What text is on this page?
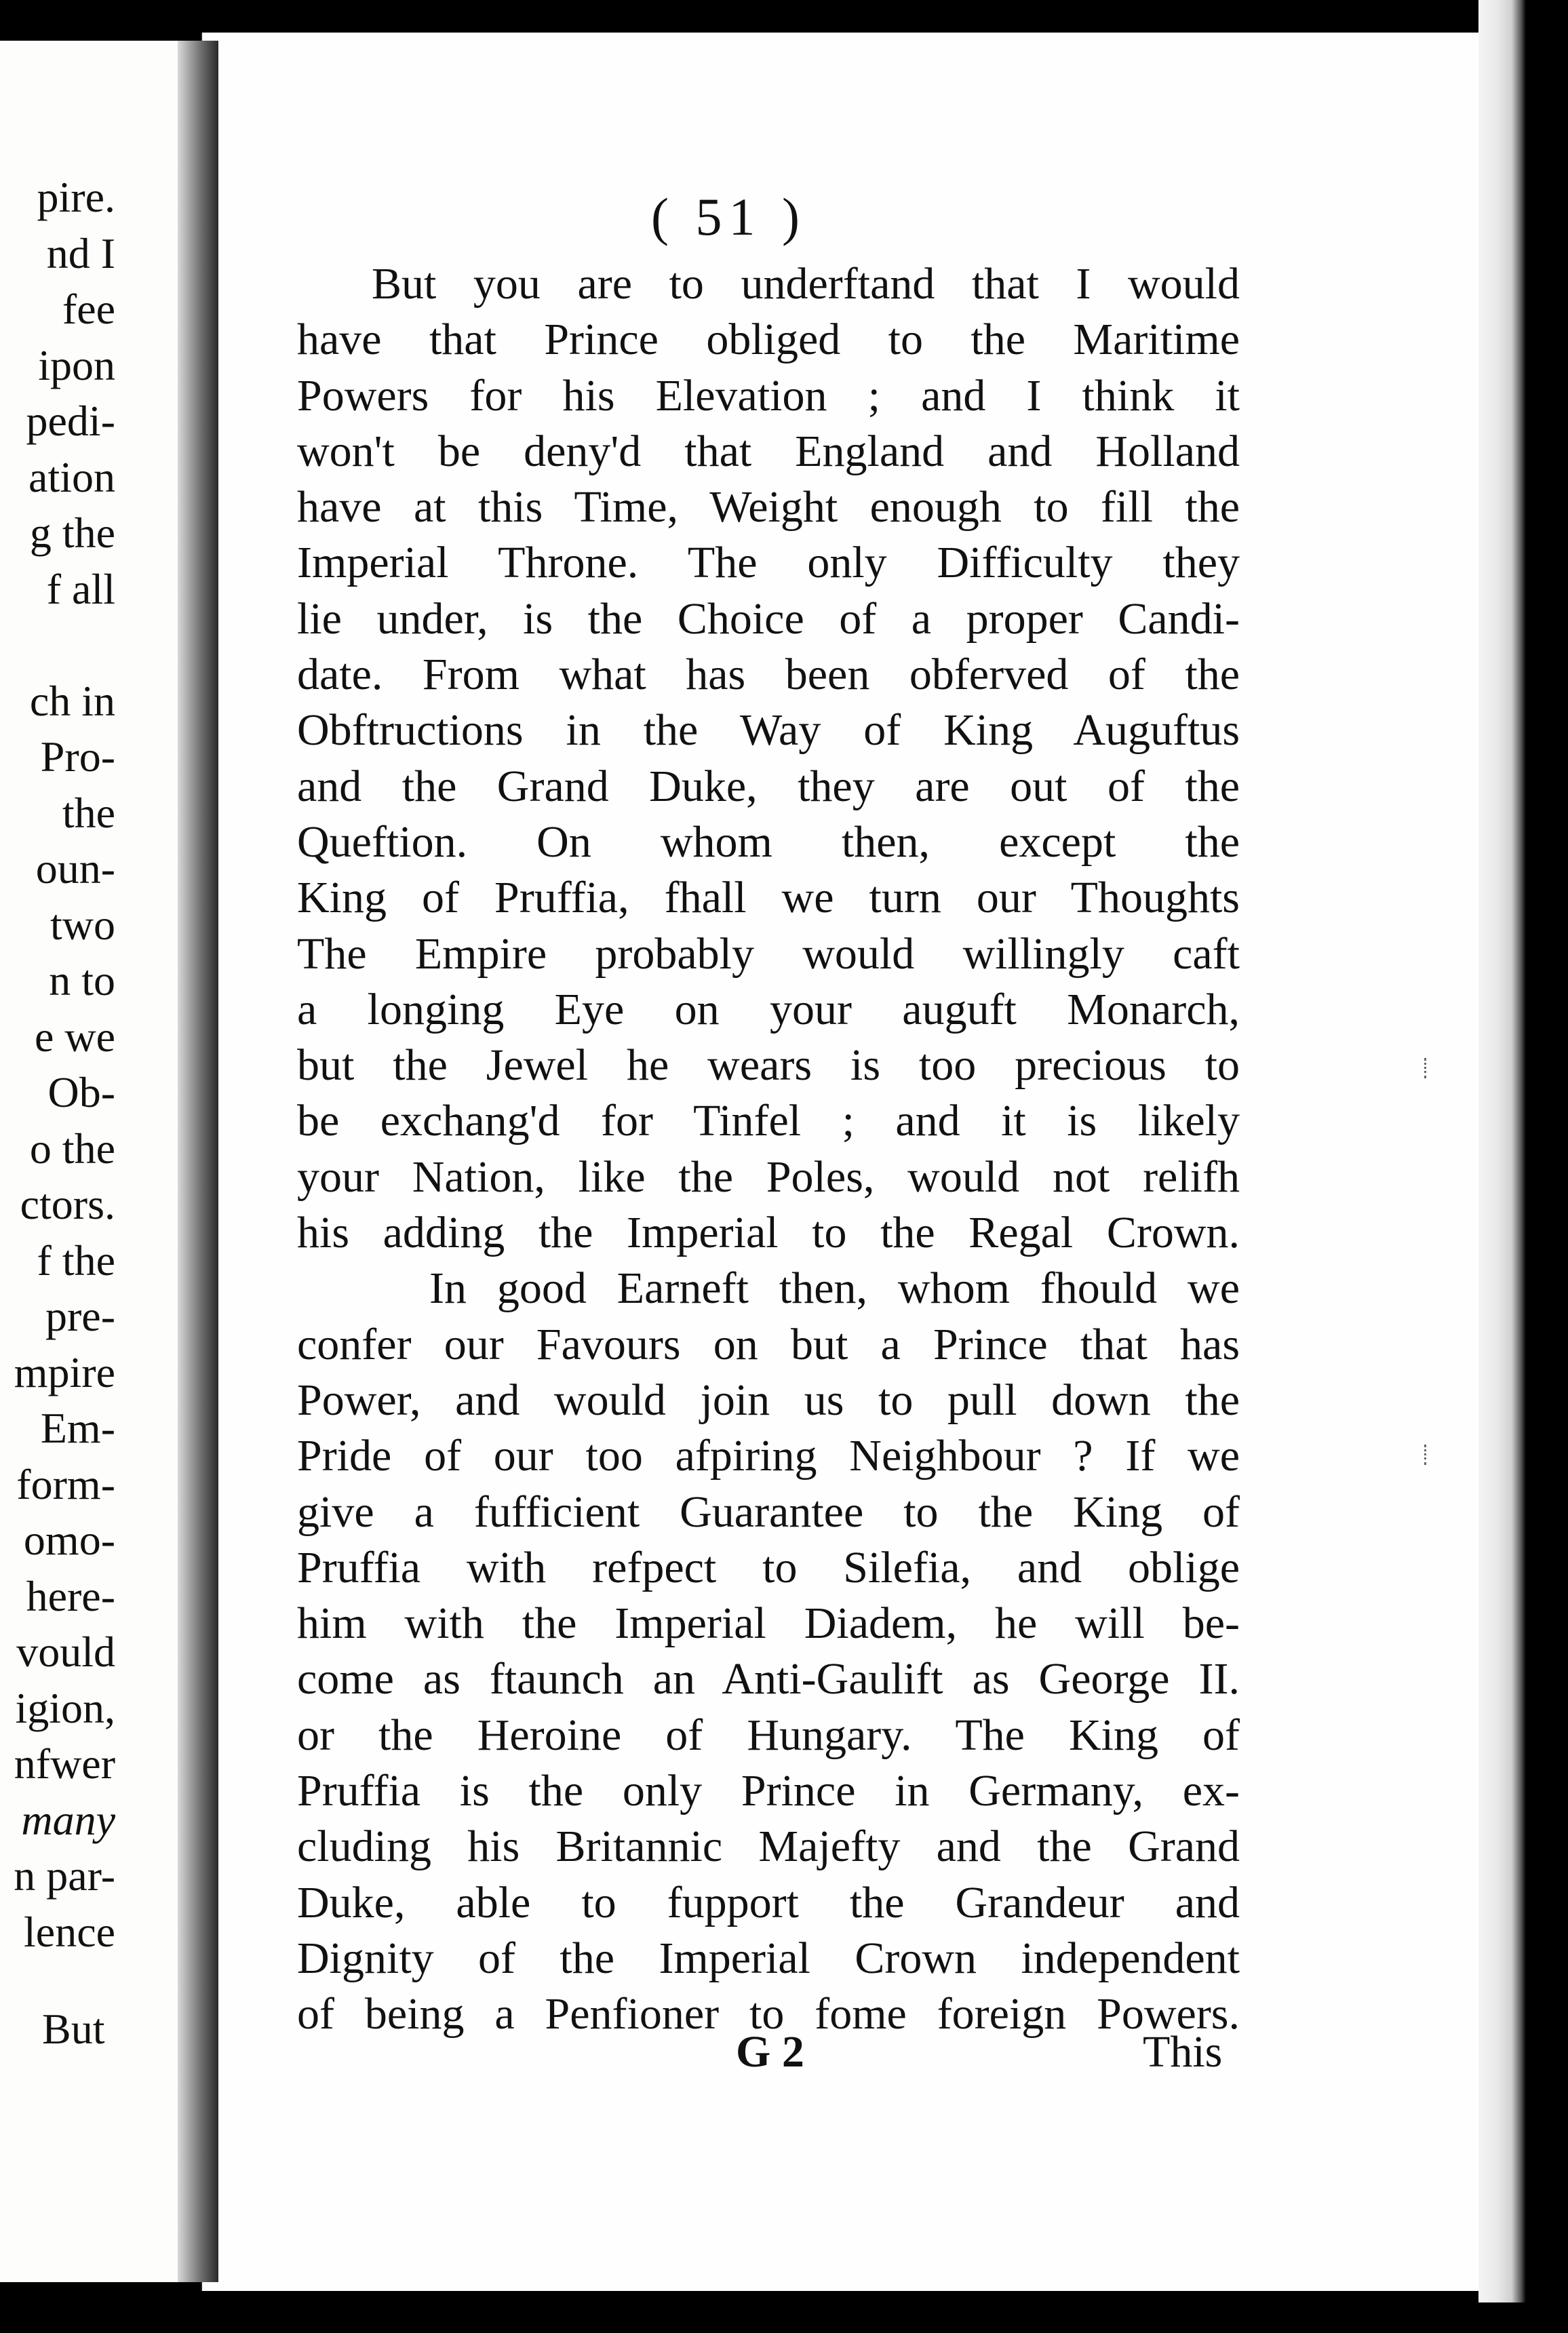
pire.
nd I
fee
ipon
pedi-
ation
g the
f all
ch in
Pro-
the
oun-
two
n to
e we
Ob-
o the
ctors.
f the
pre-
mpire
Em-
form-
omo-
here-
vould
igion,
nfwer
many
n par-
lence
But
( 51 )
But you are to underftand that I would
have that Prince obliged to the Maritime
Powers for his Elevation ; and I think it
won't be deny'd that England and Holland
have at this Time, Weight enough to fill the
Imperial Throne. The only Difficulty they
lie under, is the Choice of a proper Candi-
date. From what has been obferved of the
Obftructions in the Way of King Auguftus
and the Grand Duke, they are out of the
Queftion. On whom then, except the
King of Pruffia, fhall we turn our Thoughts
The Empire probably would willingly caft
a longing Eye on your auguft Monarch,
but the Jewel he wears is too precious to
be exchang'd for Tinfel ; and it is likely
your Nation, like the Poles, would not relifh
his adding the Imperial to the Regal Crown.
In good Earneft then, whom fhould we
confer our Favours on but a Prince that has
Power, and would join us to pull down the
Pride of our too afpiring Neighbour ? If we
give a fufficient Guarantee to the King of
Pruffia with refpect to Silefia, and oblige
him with the Imperial Diadem, he will be-
come as ftaunch an Anti-Gaulift as George II.
or the Heroine of Hungary. The King of
Pruffia is the only Prince in Germany, ex-
cluding his Britannic Majefty and the Grand
Duke, able to fupport the Grandeur and
Dignity of the Imperial Crown independent
of being a Penfioner to fome foreign Powers.
G 2	This
